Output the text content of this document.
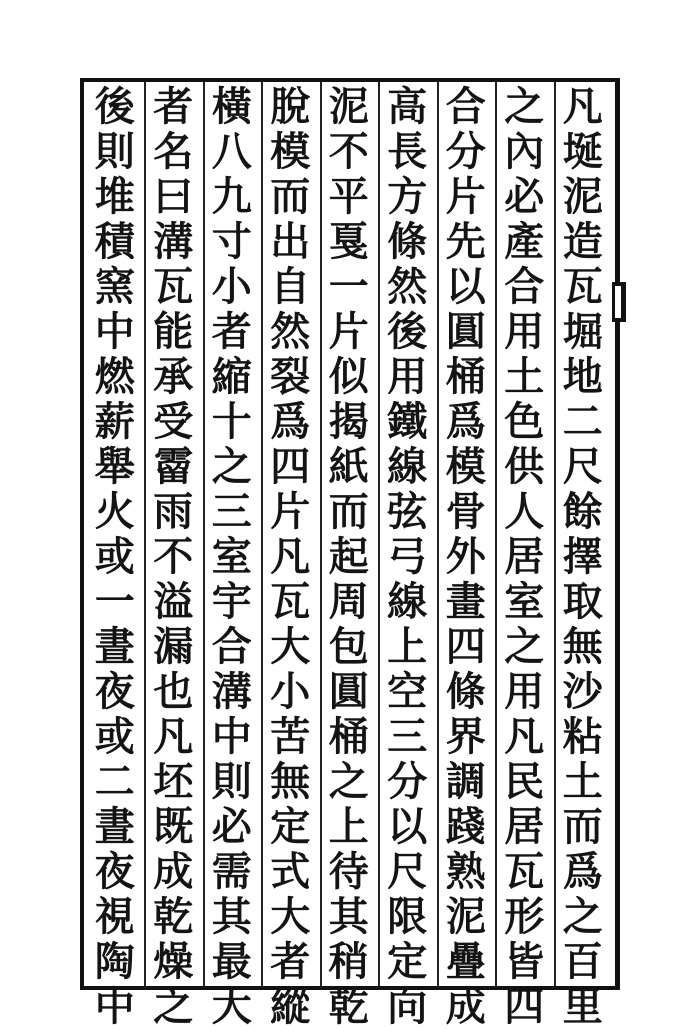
凡
埏
泥
造
瓦
堀
地
二
尺
餘
擇
取
無
沙
粘
土
而
爲
之
百
里
之
內
必
產
合
用
土
色
供
人
居
室
之
用
凡
民
居
瓦
形
皆
四
合
分
片
先
以
圓
桶
爲
模
骨
外
畫
四
條
界
調
踐
熟
泥
疊
成
高
長
方
條
然
後
用
鐵
線
弦
弓
線
上
空
三
分
以
尺
限
定
向
泥
不
平
戛
一
片
似
揭
紙
而
起
周
包
圓
桶
之
上
待
其
稍
乾
脫
模
而
出
自
然
裂
爲
四
片
凡
瓦
大
小
苦
無
定
式
大
者
縱
橫
八
九
寸
小
者
縮
十
之
三
室
宇
合
溝
中
則
必
需
其
最
大
者
名
曰
溝
瓦
能
承
受
霤
雨
不
溢
漏
也
凡
坯
既
成
乾
燥
之
後
則
堆
積
窯
中
燃
薪
舉
火
或
一
晝
夜
或
二
晝
夜
視
陶
中
